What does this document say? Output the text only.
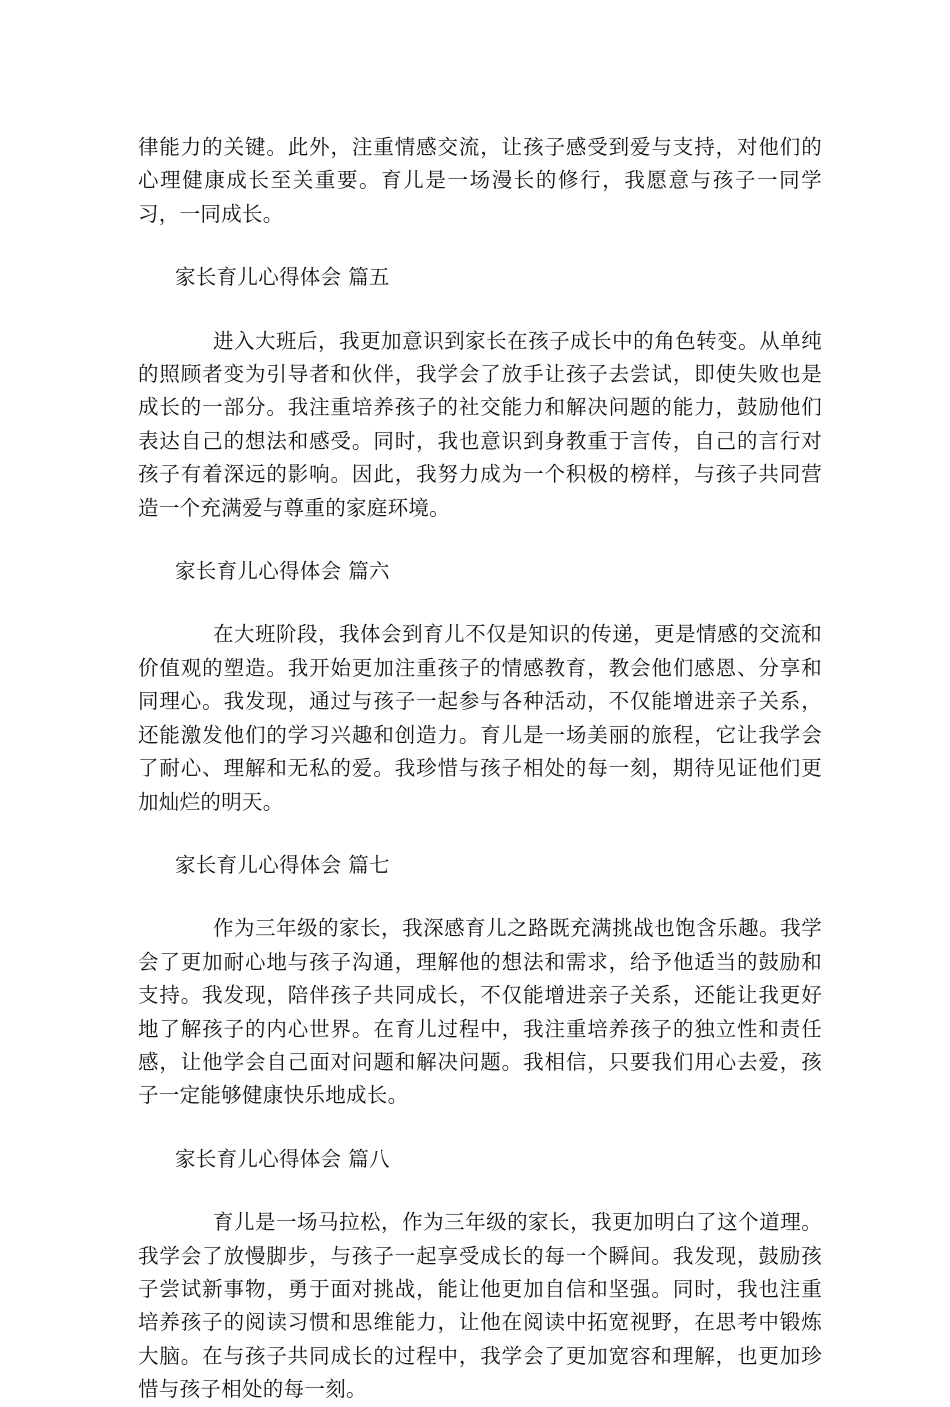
律能力的关键。此外，注重情感交流，让孩子感受到爱与支持，对他们的心理健康成长至关重要。育儿是一场漫长的修行，我愿意与孩子一同学习，一同成长。

家长育儿心得体会 篇五

进入大班后，我更加意识到家长在孩子成长中的角色转变。从单纯的照顾者变为引导者和伙伴，我学会了放手让孩子去尝试，即使失败也是成长的一部分。我注重培养孩子的社交能力和解决问题的能力，鼓励他们表达自己的想法和感受。同时，我也意识到身教重于言传，自己的言行对孩子有着深远的影响。因此，我努力成为一个积极的榜样，与孩子共同营造一个充满爱与尊重的家庭环境。

家长育儿心得体会 篇六

在大班阶段，我体会到育儿不仅是知识的传递，更是情感的交流和价值观的塑造。我开始更加注重孩子的情感教育，教会他们感恩、分享和同理心。我发现，通过与孩子一起参与各种活动，不仅能增进亲子关系，还能激发他们的学习兴趣和创造力。育儿是一场美丽的旅程，它让我学会了耐心、理解和无私的爱。我珍惜与孩子相处的每一刻，期待见证他们更加灿烂的明天。

家长育儿心得体会 篇七

作为三年级的家长，我深感育儿之路既充满挑战也饱含乐趣。我学会了更加耐心地与孩子沟通，理解他的想法和需求，给予他适当的鼓励和支持。我发现，陪伴孩子共同成长，不仅能增进亲子关系，还能让我更好地了解孩子的内心世界。在育儿过程中，我注重培养孩子的独立性和责任感，让他学会自己面对问题和解决问题。我相信，只要我们用心去爱，孩子一定能够健康快乐地成长。

家长育儿心得体会 篇八

育儿是一场马拉松，作为三年级的家长，我更加明白了这个道理。我学会了放慢脚步，与孩子一起享受成长的每一个瞬间。我发现，鼓励孩子尝试新事物，勇于面对挑战，能让他更加自信和坚强。同时，我也注重培养孩子的阅读习惯和思维能力，让他在阅读中拓宽视野，在思考中锻炼大脑。在与孩子共同成长的过程中，我学会了更加宽容和理解，也更加珍惜与孩子相处的每一刻。
